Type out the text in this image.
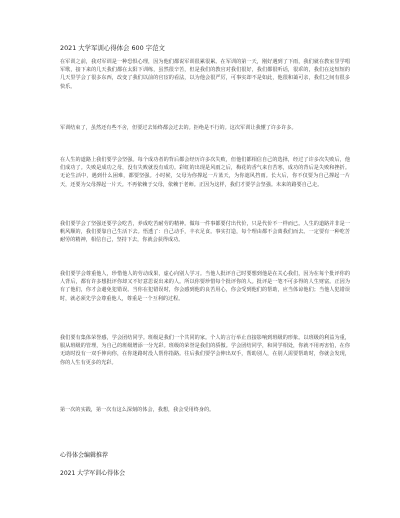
2021 大学军训心得体会 600 字范文
在军训之前，我对军训是一种恐惧心理，因为他们都说军训很累很累。在军训的第一天，刚好遇到了下雨，我们就在教室里学唱军歌，接下来的几天我们都在太阳下训练，虽然很辛苦，但是我们的教官对我们很好，我们都很听话，很乖的，我们在这短短的几天里学会了很多东西，改变了我们以前的官宦的看法，以为他会很严厉，可事实却不是如此，他很和蔼可亲，我们之间有很多快乐。
军训结束了，虽然还有些不舍，但要过去始终都会过去的。拒绝是不行的。这次军训让我懂了许多许多。
在人生的道路上我们要学会坚强。每个成功者的背后都会经历许多次失败，但他们都相信自己的选择，经过了许多次失败后，他们成功了。失败是成功之母，没有失败就没有成功。彩虹的出现是风雨之后，梅花的香气来自苦寒，成功的背后是失败和挫折。无论生活中，遇到什么困难，都要坚强。小时候，父母为你撑起一片蓝天，为你遮风挡雨。长大后，你不仅要为自己撑起一片天，还要为父母撑起一片天。不再依赖于父母，依赖于老师。正因为这样，我们才要学会坚强。未来的路要自己走。
我们要学会了坚强还要学会吃苦，养成吃苦耐劳的精神。做每一件事都要付出代价，只是代价不一样而已。人生的道路并非是一帆风顺的，我们要靠自己生活下去。悟透了：自己动手，丰衣足食。事实打造，每个理由都不会离我们而去。一定要有一种吃苦耐劳的精神，相信自己，坚持下去，你就会获得成功。
我们要学会尊重他人，珍惜他人的劳动成果，虚心向别人学习。当他人批评自己时要想到他是在关心我们，因为在每个批评你的人背后，都有许多想批评你却又不好意思说出来的人。所以你要珍惜每个批评你的人。批评是一笔不可多得的人生财富。正因为有了他们，你才会避免犯错误。当你在犯错误时，你会感到他的良苦用心，你会受到他们的帮助，应当体谅他们；当他人犯错误时，就必须先学会尊重他人，尊重是一个互利的过程。
我们要有集体荣誉感，学会团结同学。班级是我们一个共同的家。个人的言行举止直接影响到班级的形象。以班级的利益为重，服从班级的管理，为自己的班级增添一分光彩。班级的荣誉是我们的骄傲。学会团结同学，和同学相处，你就不用再害怕，在你无助时没有一双手伸向你，在你迷路时没人帮你指路。往后我们要学会伸出双手，帮助别人，在别人需要帮助时，你就会发现，你的人生有更多的光彩。
第一次的实践，第一次有这么深刻的体会，我想，我会受用终身的。
心得体会编辑推荐
2021 大学军训心得体会
